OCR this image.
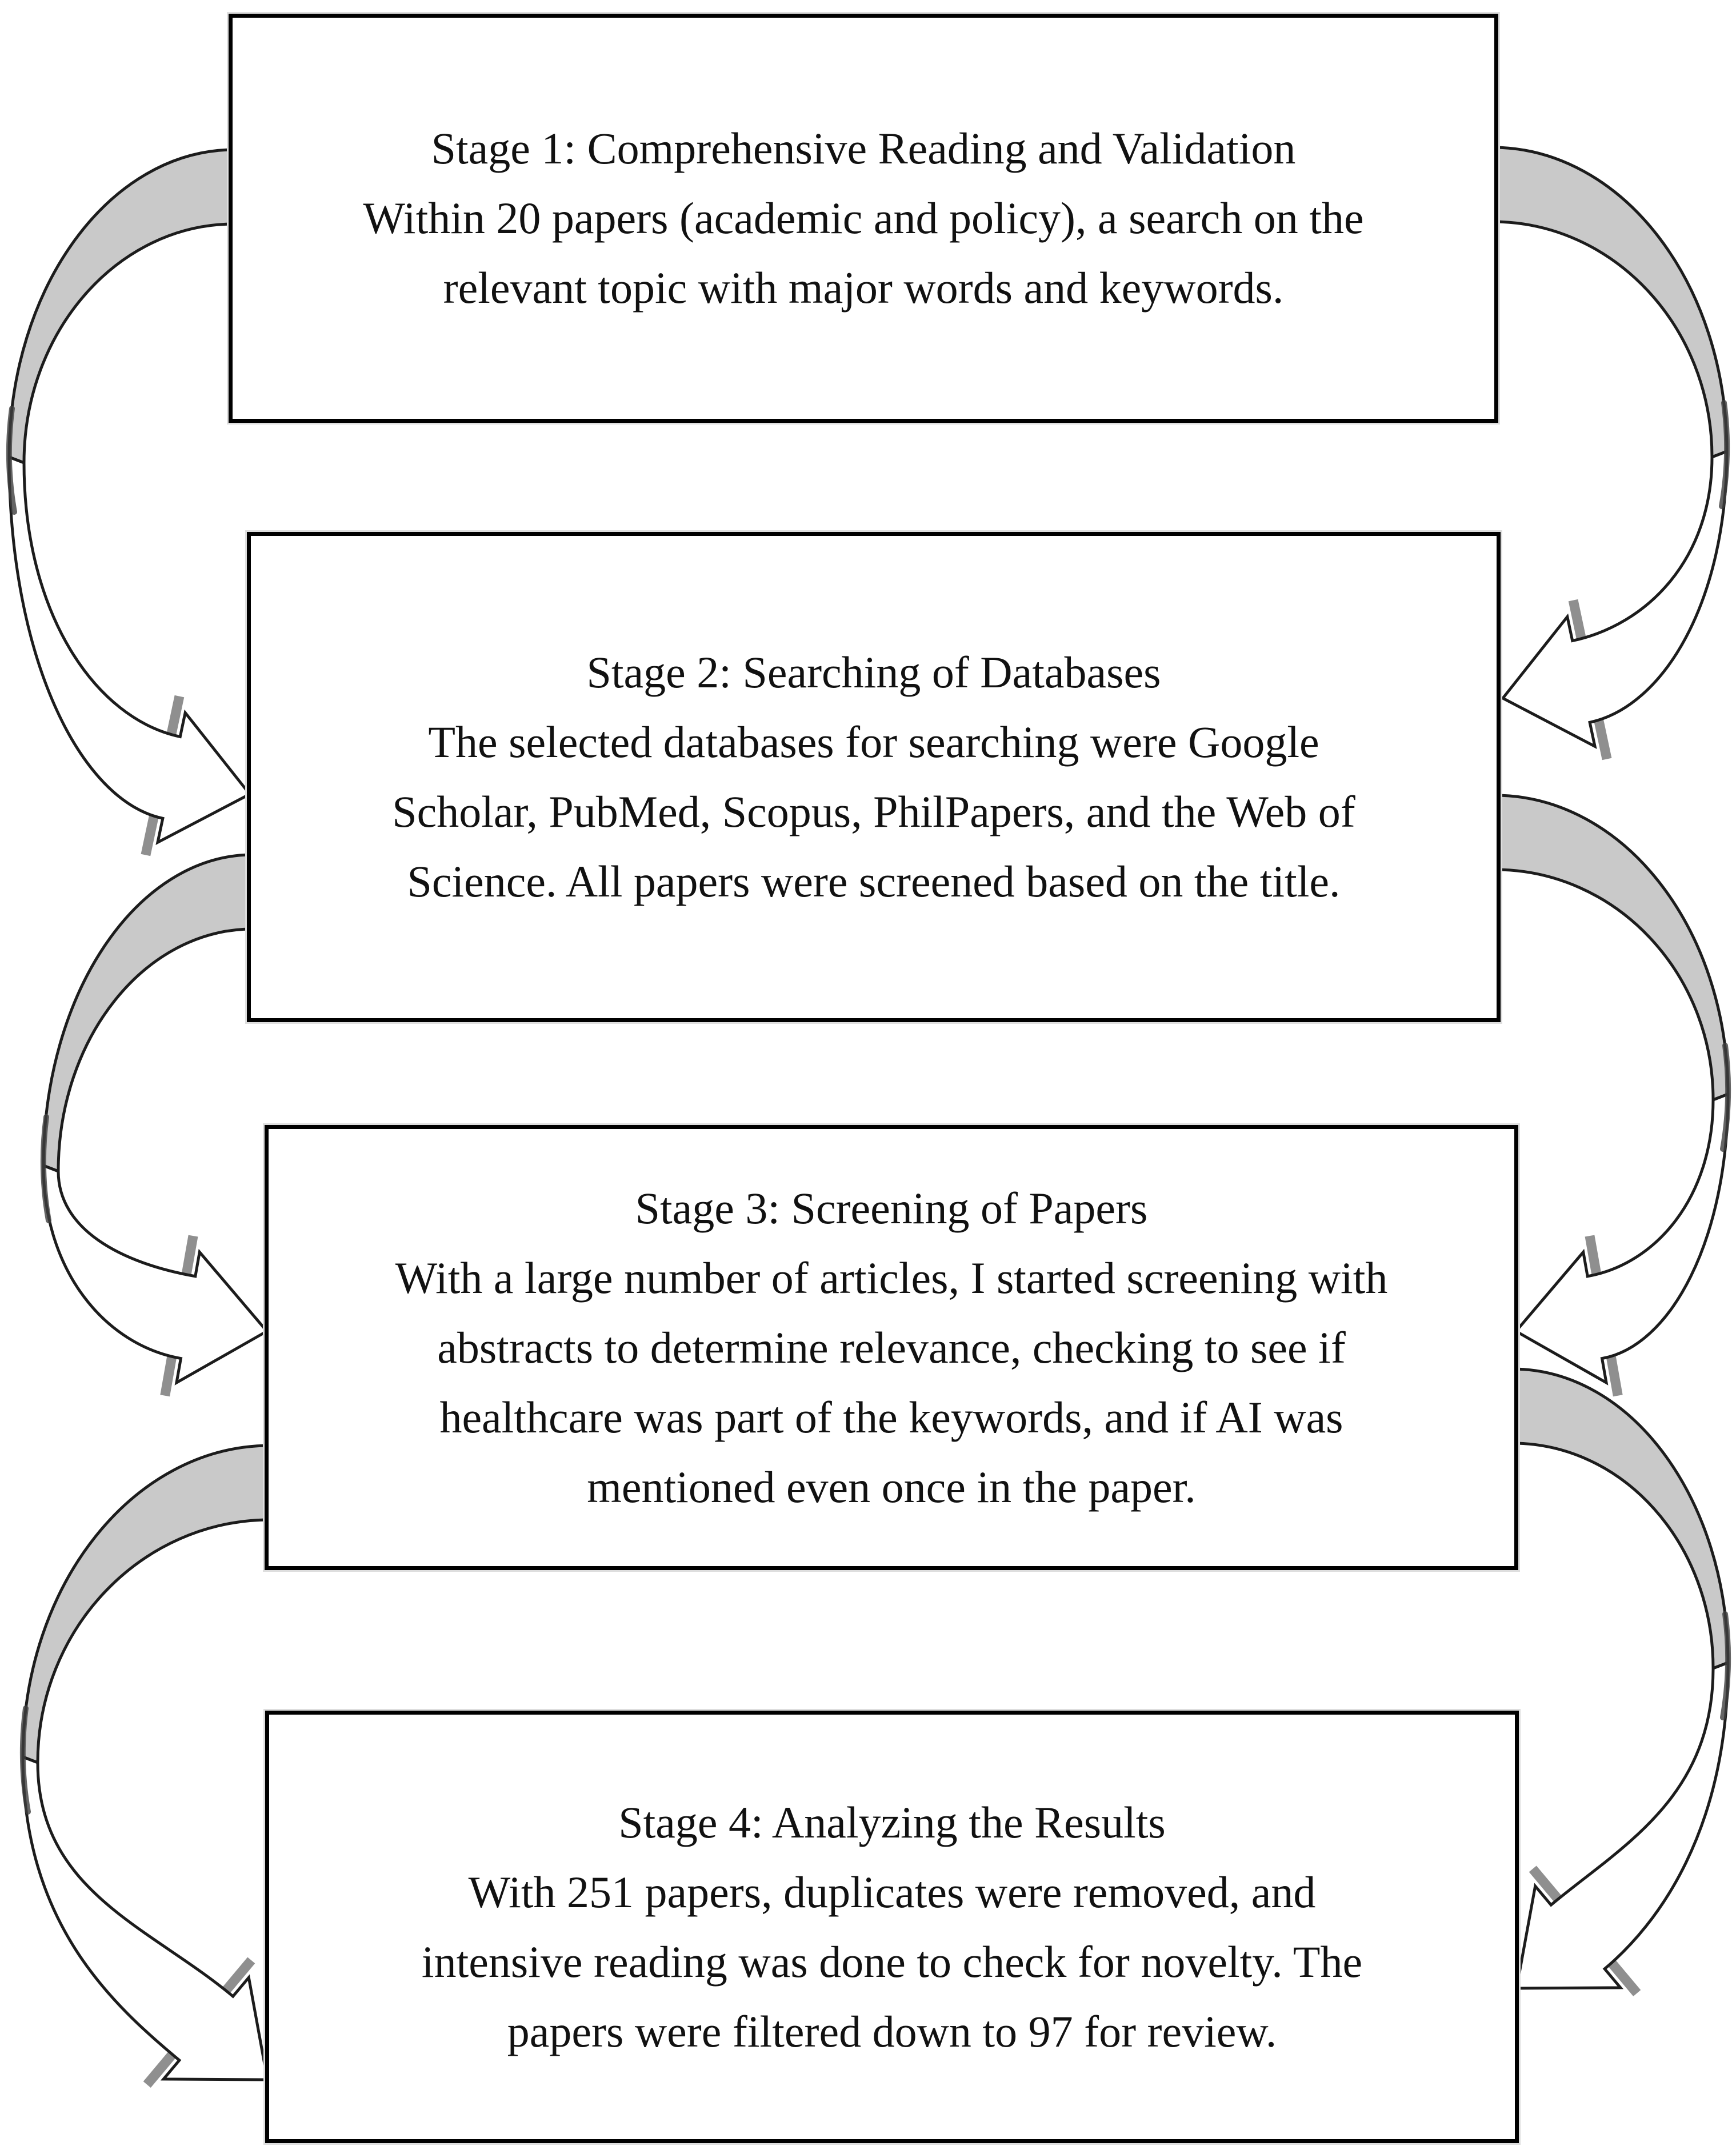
Stage 1: Comprehensive Reading and Validation
Within 20 papers (academic and policy), a search on the
relevant topic with major words and keywords.
Stage 2: Searching of Databases
The selected databases for searching were Google
Scholar, PubMed, Scopus, PhilPapers, and the Web of
Science. All papers were screened based on the title.
Stage 3: Screening of Papers
With a large number of articles, I started screening with
abstracts to determine relevance, checking to see if
healthcare was part of the keywords, and if AI was
mentioned even once in the paper.
Stage 4: Analyzing the Results
With 251 papers, duplicates were removed, and
intensive reading was done to check for novelty. The
papers were filtered down to 97 for review.
